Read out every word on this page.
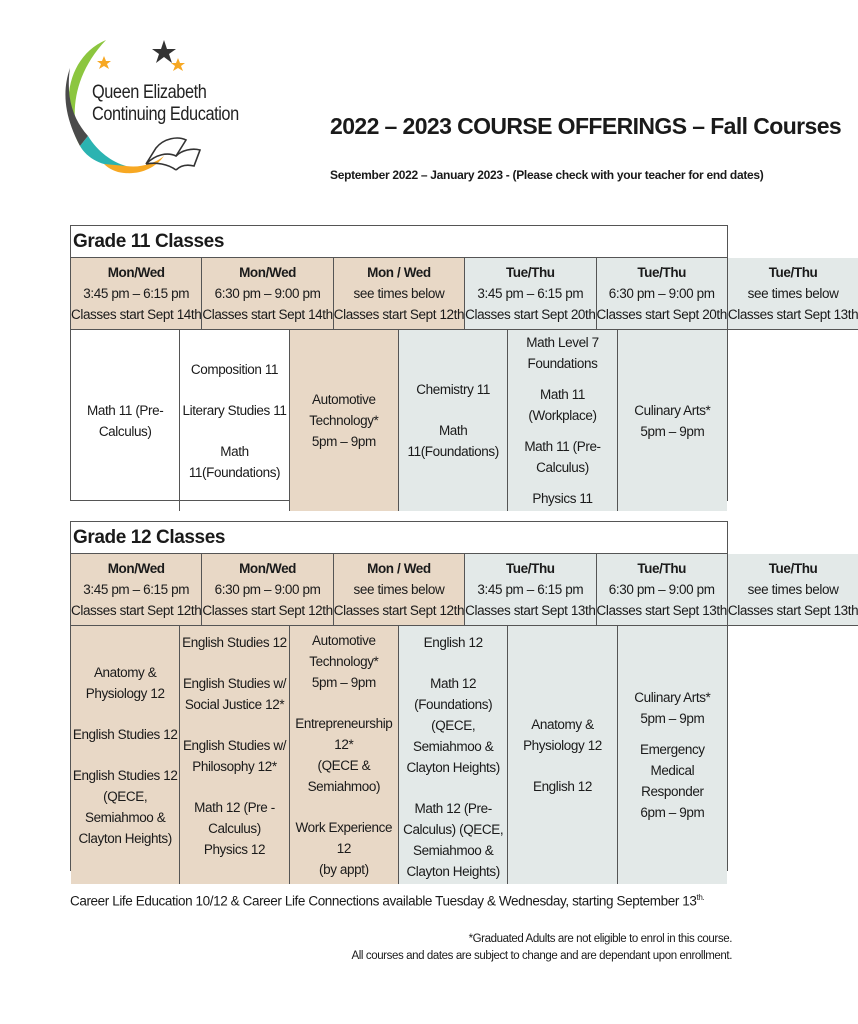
Queen Elizabeth
Continuing Education	2022 – 2023 COURSE OFFERINGS – Fall Courses
September 2022 – January 2023 - (Please check with your teacher for end dates)
Grade 11 Classes
Mon/Wed
3:45 pm – 6:15 pm
Classes start Sept 14th
Mon/Wed
6:30 pm – 9:00 pm
Classes start Sept 14th
Mon / Wed
see times below
Classes start Sept 12th
Tue/Thu
3:45 pm – 6:15 pm
Classes start Sept 20th
Tue/Thu
6:30 pm – 9:00 pm
Classes start Sept 20th
Tue/Thu
see times below
Classes start Sept 13th
Math 11 (Pre-Calculus)
Composition 11
Literary Studies 11
Math 11(Foundations)
Automotive
Technology*
5pm – 9pm
Chemistry 11
Math 11(Foundations)
Math Level 7
Foundations
Math 11 (Workplace)
Math 11 (Pre-Calculus)
Physics 11
Culinary Arts*
5pm – 9pm
Grade 12 Classes
Mon/Wed
3:45 pm – 6:15 pm
Classes start Sept 12th
Mon/Wed
6:30 pm – 9:00 pm
Classes start Sept 12th
Mon / Wed
see times below
Classes start Sept 12th
Tue/Thu
3:45 pm – 6:15 pm
Classes start Sept 13th
Tue/Thu
6:30 pm – 9:00 pm
Classes start Sept 13th
Tue/Thu
see times below
Classes start Sept 13th
Anatomy &
Physiology 12
English Studies 12
English Studies 12
(QECE, Semiahmoo &
Clayton Heights)
English Studies 12
English Studies w/
Social Justice 12*
English Studies w/
Philosophy 12*
Math 12 (Pre -
Calculus)
Physics 12
Automotive
Technology*
5pm – 9pm
Entrepreneurship 12*
(QECE & Semiahmoo)
Work Experience 12
(by appt)
English 12
Math 12
(Foundations) (QECE,
Semiahmoo &
Clayton Heights)
Math 12 (Pre-
Calculus) (QECE,
Semiahmoo &
Clayton Heights)
Anatomy &
Physiology 12
English 12
Culinary Arts*
5pm – 9pm
Emergency Medical
Responder
6pm – 9pm
Career Life Education 10/12 & Career Life Connections available Tuesday & Wednesday, starting September $13^{th.}$
*Graduated Adults are not eligible to enrol in this course.
All courses and dates are subject to change and are dependant upon enrollment.
